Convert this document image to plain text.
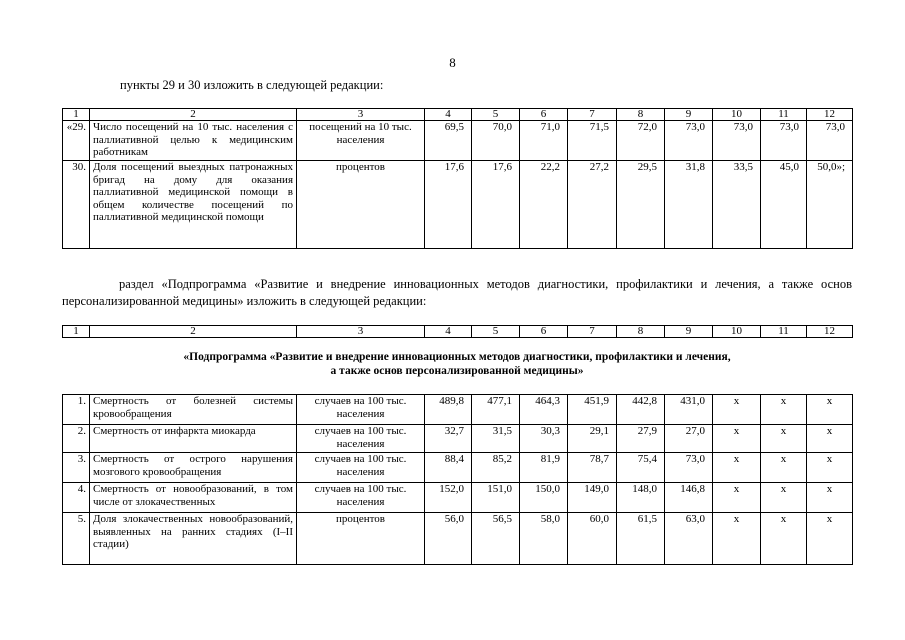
8
пункты 29 и 30 изложить в следующей редакции:
1	2	3	4	5	6	7	8	9	10	11	12
«29.	Число посещений на 10 тыс. населения с паллиативной целью к медицинским работникам	посещений на 10 тыс. населения	69,5	70,0	71,0	71,5	72,0	73,0	73,0	73,0	73,0
30.	Доля посещений выездных патронажных бригад на дому для оказания паллиативной медицинской помощи в общем количестве посещений по паллиативной медицинской помощи	процентов	17,6	17,6	22,2	27,2	29,5	31,8	33,5	45,0	50,0»;
раздел «Подпрограмма «Развитие и внедрение инновационных методов диагностики, профилактики и лечения, а также основ персонализированной медицины» изложить в следующей редакции:
1	2	3	4	5	6	7	8	9	10	11	12
«Подпрограмма «Развитие и внедрение инновационных методов диагностики, профилактики и лечения,
а также основ персонализированной медицины»
1.	Смертность от болезней системы кровообращения	случаев на 100 тыс. населения	489,8	477,1	464,3	451,9	442,8	431,0	х	х	х
2.	Смертность от инфаркта миокарда	случаев на 100 тыс. населения	32,7	31,5	30,3	29,1	27,9	27,0	х	х	х
3.	Смертность от острого нарушения мозгового кровообращения	случаев на 100 тыс. населения	88,4	85,2	81,9	78,7	75,4	73,0	х	х	х
4.	Смертность от новообразований, в том числе от злокачественных	случаев на 100 тыс. населения	152,0	151,0	150,0	149,0	148,0	146,8	х	х	х
5.	Доля злокачественных новообразований, выявленных на ранних стадиях (I–II стадии)	процентов	56,0	56,5	58,0	60,0	61,5	63,0	х	х	х
